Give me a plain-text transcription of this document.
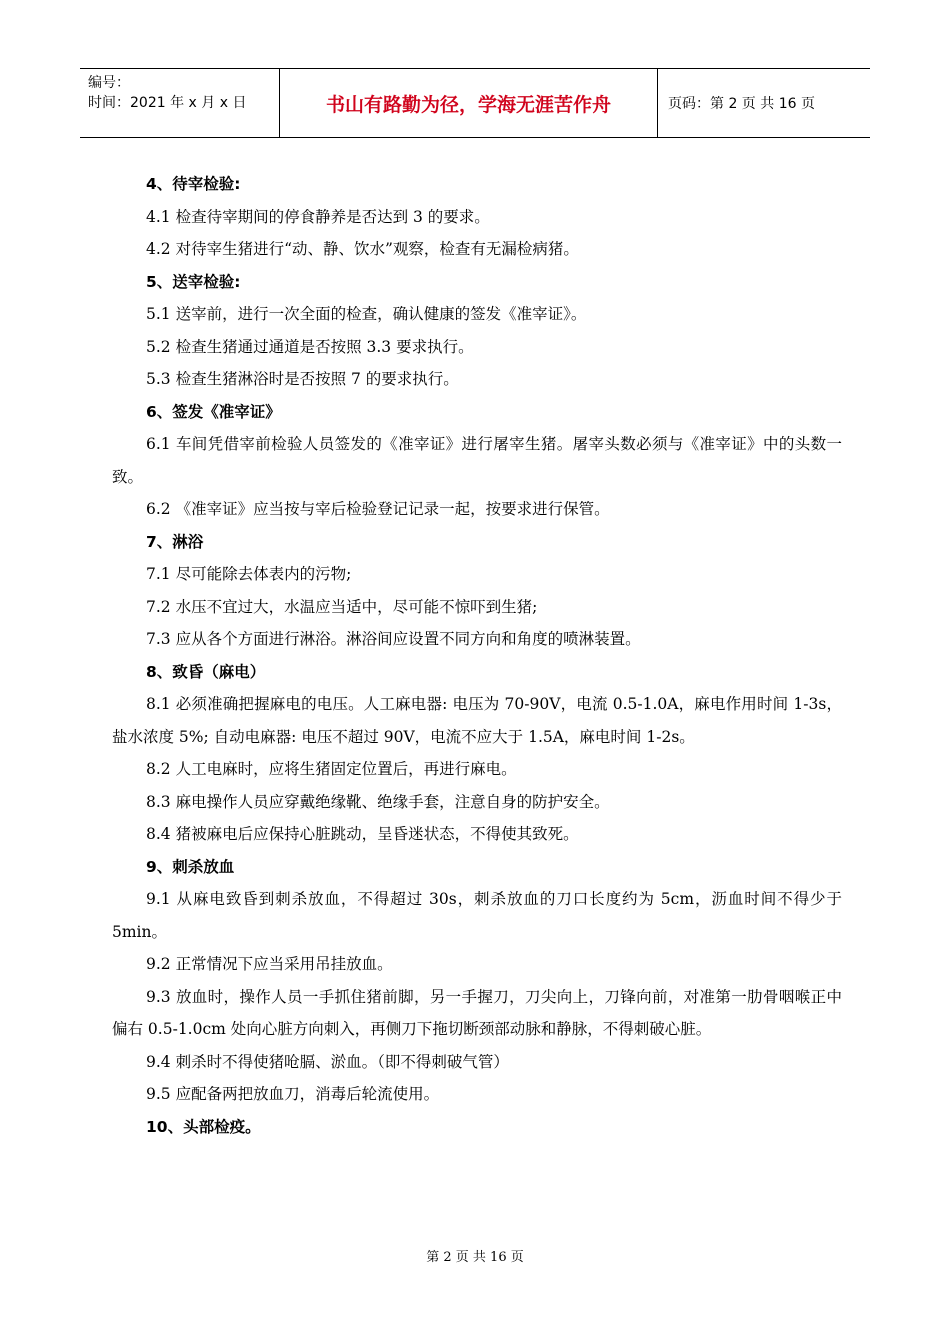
编号：
时间：2021 年 x 月 x 日	书山有路勤为径，学海无涯苦作舟	页码：第 2 页 共 16 页
4、待宰检验:
4.1 检查待宰期间的停食静养是否达到 3 的要求。
4.2 对待宰生猪进行“动、静、饮水”观察，检查有无漏检病猪。
5、送宰检验:
5.1 送宰前，进行一次全面的检查，确认健康的签发《准宰证》。
5.2 检查生猪通过通道是否按照 3.3 要求执行。
5.3 检查生猪淋浴时是否按照 7 的要求执行。
6、签发《准宰证》
6.1 车间凭借宰前检验人员签发的《准宰证》进行屠宰生猪。屠宰头数必须与《准宰证》中的头数一致。
6.2 《准宰证》应当按与宰后检验登记记录一起，按要求进行保管。
7、淋浴
7.1 尽可能除去体表内的污物;
7.2 水压不宜过大，水温应当适中，尽可能不惊吓到生猪;
7.3 应从各个方面进行淋浴。淋浴间应设置不同方向和角度的喷淋装置。
8、致昏（麻电）
8.1 必须准确把握麻电的电压。人工麻电器: 电压为 70-90V，电流 0.5-1.0A，麻电作用时间 1-3s，盐水浓度 5%; 自动电麻器: 电压不超过 90V，电流不应大于 1.5A，麻电时间 1-2s。
8.2 人工电麻时，应将生猪固定位置后，再进行麻电。
8.3 麻电操作人员应穿戴绝缘靴、绝缘手套，注意自身的防护安全。
8.4 猪被麻电后应保持心脏跳动，呈昏迷状态，不得使其致死。
9、刺杀放血
9.1 从麻电致昏到刺杀放血，不得超过 30s，刺杀放血的刀口长度约为 5cm，沥血时间不得少于 5min。
9.2 正常情况下应当采用吊挂放血。
9.3 放血时，操作人员一手抓住猪前脚，另一手握刀，刀尖向上，刀锋向前，对准第一肋骨咽喉正中偏右 0.5-1.0cm 处向心脏方向刺入，再侧刀下拖切断颈部动脉和静脉，不得刺破心脏。
9.4 刺杀时不得使猪呛膈、淤血。（即不得刺破气管）
9.5 应配备两把放血刀，消毒后轮流使用。
10、头部检疫。
第 2 页 共 16 页
